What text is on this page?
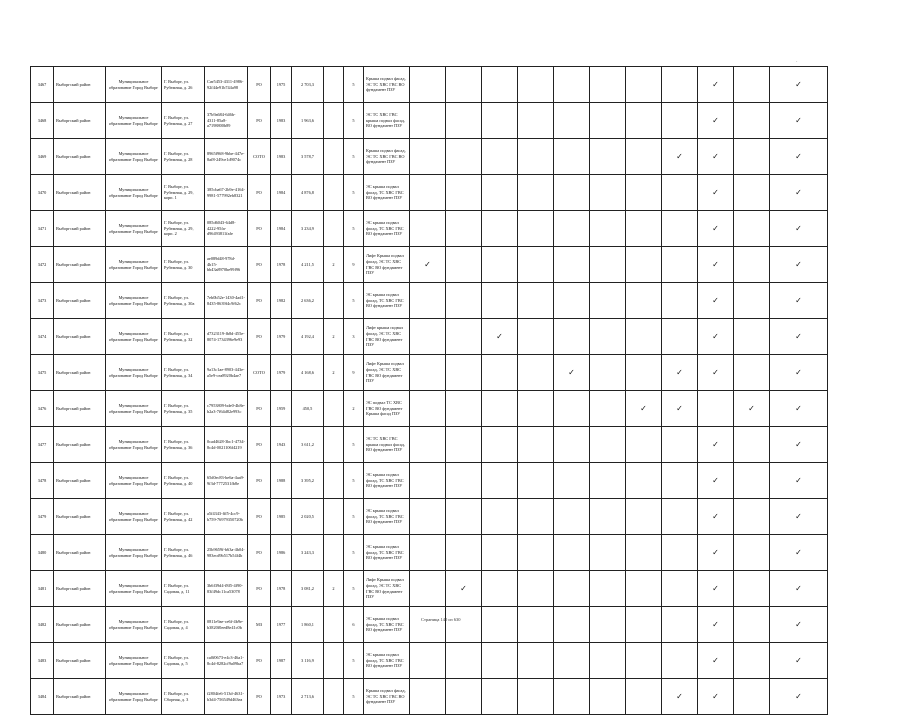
·
3467	Выборгский район	Муниципальное образование Город Выборг	Г. Выборг, ул. Рубежная, д. 26	Сат5453-4311-4986-92f44e91b744a98	РО	1975	2 703,3		5	Крыша подвал фасад, ЭС ТС ХВС ГВС ВО фундамент ПЗУ									✓		✓

3468	Выборгский район	Муниципальное образование Город Выборг	Г. Выборг, ул. Рубежная, д. 27	37b9a684-646b-4311-85a8-a7198800b89	РО	1983	1 963,6		5	ЭС ТС ХВС ГВС крыша подвал фасад, ВО фундамент ПЗУ									✓		✓

3469	Выборгский район	Муниципальное образование Город Выборг	Г. Выборг, ул. Рубежная, д. 28	8965f968-9bbe-447e-8af8-249ce1d9074c	СОТО	1983	3 578,7		5	Крыша подвал фасад, ЭС ТС ХВС ГВС ВО фундамент ПЗУ								✓	✓		✓

3470	Выборгский район	Муниципальное образование Город Выборг	Г. Выборг, ул. Рубежная, д. 29, корп. 1	385cba67-2b9e-4164-9981-577992eb8321	РО	1984	4 876,8		5	ЭС крыша подвал фасад, ТС ХВС ГВС ВО фундамент ПЗУ									✓		✓

3471	Выборгский район	Муниципальное образование Город Выборг	Г. Выборг, ул. Рубежная, д. 29, корп. 2	085d6043-64d8-4222-95fa-d96493811fafe	РО	1984	3 234,9		5	ЭС крыша подвал фасад, ТС ХВС ГВС ВО фундамент ПЗУ									✓		✓

3472	Выборгский район	Муниципальное образование Город Выборг	Г. Выборг, ул. Рубежная, д. 30	ae089d48-978d-4b15-bb43a8970be99f96	РО	1978	4 211,5	2	9	Лифт Крыша подвал фасад, ЭС ТС ХВС ГВС ВО фундамент ПЗУ	✓								✓		✓

3473	Выборгский район	Муниципальное образование Город Выборг	Г. Выборг, ул. Рубежная, д. 30а	7eb0b52e-1430-4ad1-8435-8639f4c9f62c	РО	1982	2 636,2		5	ЭС крыша подвал фасад, ТС ХВС ГВС ВО фундамент ПЗУ									✓		✓

3474	Выборгский район	Муниципальное образование Город Выборг	Г. Выборг, ул. Рубежная, д. 32	d7323119-fb8d-455e-8074-1734396e9e93	РО	1979	4 192,4	2	3	Лифт крыша подвал фасад, ЭС ТС ХВС ГВС ВО фундамент ПЗУ			✓						✓		✓

3475	Выборгский район	Муниципальное образование Город Выборг	Г. Выборг, ул. Рубежная, д. 34	9a13c1ae-8903-443e-a5e9-cea8920b4ae7	СОТО	1979	4 168,6	2	9	Лифт Крыша подвал фасад, ЭС ТС ХВС ГВС ВО фундамент ПЗУ					✓			✓	✓		✓

3476	Выборгский район	Муниципальное образование Город Выборг	Г. Выборг, ул. Рубежная, д. 35	c7953809-bde0-4b8e-b2a3-7f64d82e993c	РО	1959	450,5		2	ЭС подвал ТС ХВС ГВС ВО фундамент Крыша фасад ПЗУ							✓	✓		✓	✓

3477	Выборгский район	Муниципальное образование Город Выборг	Г. Выборг, ул. Рубежная, д. 36	0cad4628-3bc1-4734-8c4d-0021106f4219	РО	1943	3 611,2		5	ЭС ТС ХВС ГВС крыша подвал фасад, ВО фундамент ПЗУ									✓		✓

3478	Выборгский район	Муниципальное образование Город Выборг	Г. Выборг, ул. Рубежная, д. 40	65d0ec83-be6a-4aa9-9f3d-7772531fb8e	РО	1988	3 395,2		5	ЭС крыша подвал фасад, ТС ХВС ГВС ВО фундамент ПЗУ									✓		✓

3479	Выборгский район	Муниципальное образование Город Выборг	Г. Выборг, ул. Рубежная, д. 42	a5f4343-fff5-4cc9-b759-76979350720b	РО	1985	2 020,5		5	ЭС крыша подвал фасад, ТС ХВС ГВС ВО фундамент ПЗУ									✓		✓

3480	Выборгский район	Муниципальное образование Город Выборг	Г. Выборг, ул. Рубежная, д. 46	25b9659f-b63a-4b04-983ecd9b517b54f4b	РО	1986	3 243,3		5	ЭС крыша подвал фасад, ТС ХВС ГВС ВО фундамент ПЗУ									✓		✓

3481	Выборгский район	Муниципальное образование Город Выборг	Г. Выборг, ул. Садовая, д. 11	3b6f39d4-f8f5-4f90-83f49dc11ca53078	РО	1978	3 081,2	2	5	Лифт Крыша подвал фасад, ЭС ТС ХВС ГВС ВО фундамент ПЗУ		✓							✓		✓

3482	Выборгский район	Муниципальное образование Город Выборг	Г. Выборг, ул. Садовая, д. 4	0811e9ae-ce6f-4b9e-b3820f0eed8e41c0b	МЗ	1977	1 860,1		6	ЭС крыша подвал фасад, ТС ХВС ГВС ВО фундамент ПЗУ									✓		✓

3483	Выборгский район	Муниципальное образование Город Выборг	Г. Выборг, ул. Садовая, д. 5	ca0f0673-e4c3-46a1-8c4d-8282cf9a09ba7	РО	1987	3 116,9		5	ЭС крыша подвал фасад, ТС ХВС ГВС ВО фундамент ПЗУ									✓		✓

3484	Выборгский район	Муниципальное образование Город Выборг	Г. Выборг, ул. Сборная, д. 3	f2804fe6-513d-4631-b3d4-756549d463ea	РО	1973	2 713,6		5	Крыша подвал фасад, ЭС ТС ХВС ГВС ВО фундамент ПЗУ								✓	✓		✓
Страница 140 из 630
